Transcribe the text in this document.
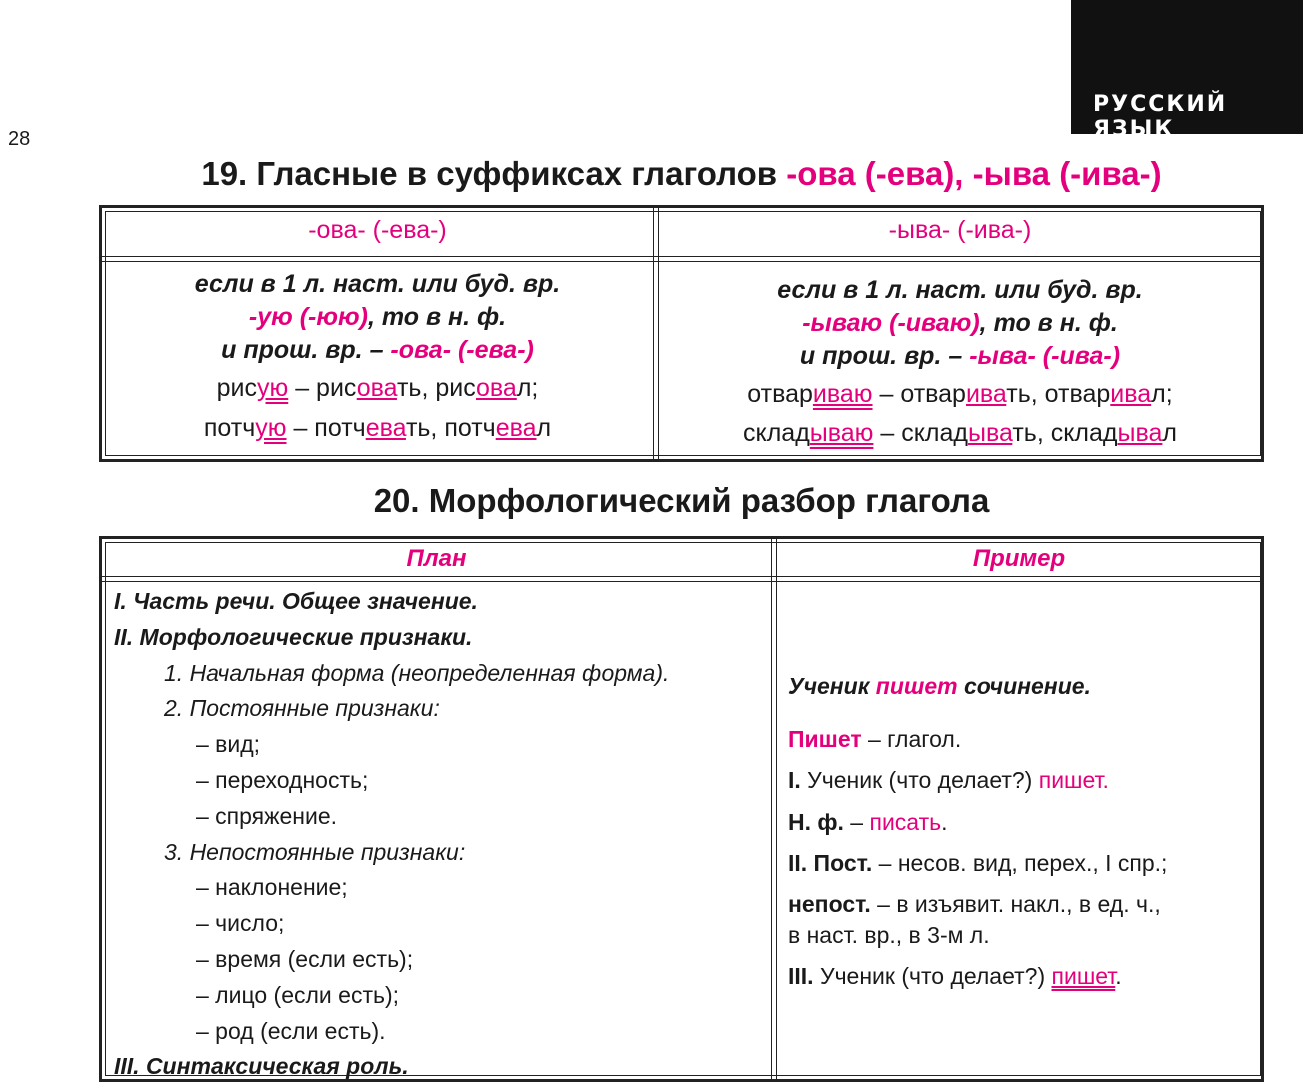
РУССКИЙ ЯЗЫК
28
19. Гласные в суффиксах глаголов -ова (-ева), -ыва (-ива-)
-ова- (-ева-)	-ыва- (-ива-)
если в 1 л. наст. или буд. вр.
-ую (-юю), то в н. ф.
и прош. вр. – -ова- (-ева-)
рисую – рисовать, рисовал;
потчую – потчевать, потчевал
если в 1 л. наст. или буд. вр.
-ываю (-иваю), то в н. ф.
и прош. вр. – -ыва- (-ива-)
отвариваю – отваривать, отваривал;
складываю – складывать, складывал
20. Морфологический разбор глагола
План	Пример
I. Часть речи. Общее значение.
II. Морфологические признаки.
1. Начальная форма (неопределенная форма).
2. Постоянные признаки:
– вид;
– переходность;
– спряжение.
3. Непостоянные признаки:
– наклонение;
– число;
– время (если есть);
– лицо (если есть);
– род (если есть).
III. Синтаксическая роль.
Ученик пишет сочинение.
Пишет – глагол.
I. Ученик (что делает?) пишет.
Н. ф. – писать.
II. Пост. – несов. вид, перех., I спр.;
непост. – в изъявит. накл., в ед. ч.,
в наст. вр., в 3-м л.
III. Ученик (что делает?) пишет.
